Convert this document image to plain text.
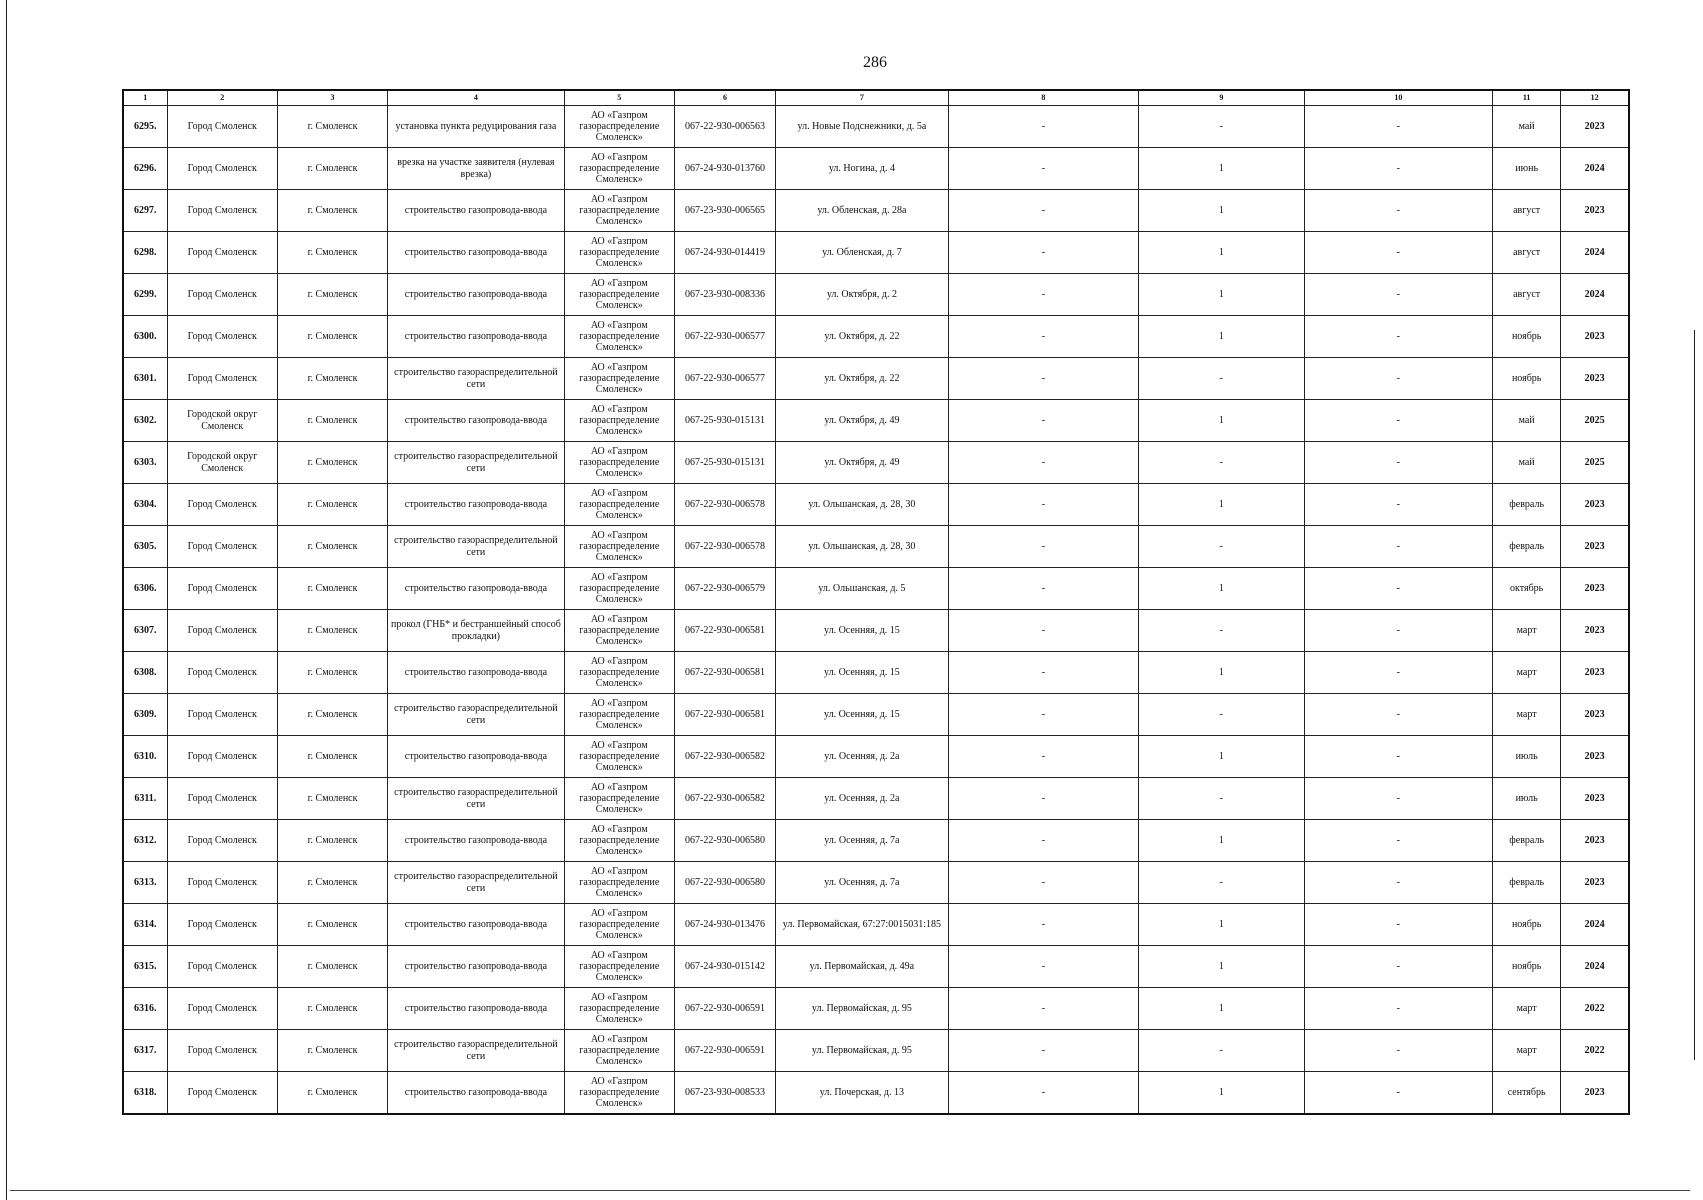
286
1	2	3	4	5	6	7	8	9	10	11	12
6295.	Город Смоленск	г. Смоленск	установка пункта редуцирования газа	АО «Газпром газораспределение Смоленск»	067-22-930-006563	ул. Новые Подснежники, д. 5а	-	-	-	май	2023
6296.	Город Смоленск	г. Смоленск	врезка на участке заявителя (нулевая врезка)	АО «Газпром газораспределение Смоленск»	067-24-930-013760	ул. Ногина, д. 4	-	1	-	июнь	2024
6297.	Город Смоленск	г. Смоленск	строительство газопровода-ввода	АО «Газпром газораспределение Смоленск»	067-23-930-006565	ул. Обленская, д. 28а	-	1	-	август	2023
6298.	Город Смоленск	г. Смоленск	строительство газопровода-ввода	АО «Газпром газораспределение Смоленск»	067-24-930-014419	ул. Обленская, д. 7	-	1	-	август	2024
6299.	Город Смоленск	г. Смоленск	строительство газопровода-ввода	АО «Газпром газораспределение Смоленск»	067-23-930-008336	ул. Октября, д. 2	-	1	-	август	2024
6300.	Город Смоленск	г. Смоленск	строительство газопровода-ввода	АО «Газпром газораспределение Смоленск»	067-22-930-006577	ул. Октября, д. 22	-	1	-	ноябрь	2023
6301.	Город Смоленск	г. Смоленск	строительство газораспределительной сети	АО «Газпром газораспределение Смоленск»	067-22-930-006577	ул. Октября, д. 22	-	-	-	ноябрь	2023
6302.	Городской округ Смоленск	г. Смоленск	строительство газопровода-ввода	АО «Газпром газораспределение Смоленск»	067-25-930-015131	ул. Октября, д. 49	-	1	-	май	2025
6303.	Городской округ Смоленск	г. Смоленск	строительство газораспределительной сети	АО «Газпром газораспределение Смоленск»	067-25-930-015131	ул. Октября, д. 49	-	-	-	май	2025
6304.	Город Смоленск	г. Смоленск	строительство газопровода-ввода	АО «Газпром газораспределение Смоленск»	067-22-930-006578	ул. Ольшанская, д. 28, 30	-	1	-	февраль	2023
6305.	Город Смоленск	г. Смоленск	строительство газораспределительной сети	АО «Газпром газораспределение Смоленск»	067-22-930-006578	ул. Ольшанская, д. 28, 30	-	-	-	февраль	2023
6306.	Город Смоленск	г. Смоленск	строительство газопровода-ввода	АО «Газпром газораспределение Смоленск»	067-22-930-006579	ул. Ольшанская, д. 5	-	1	-	октябрь	2023
6307.	Город Смоленск	г. Смоленск	прокол (ГНБ* и бестраншейный способ прокладки)	АО «Газпром газораспределение Смоленск»	067-22-930-006581	ул. Осенняя, д. 15	-	-	-	март	2023
6308.	Город Смоленск	г. Смоленск	строительство газопровода-ввода	АО «Газпром газораспределение Смоленск»	067-22-930-006581	ул. Осенняя, д. 15	-	1	-	март	2023
6309.	Город Смоленск	г. Смоленск	строительство газораспределительной сети	АО «Газпром газораспределение Смоленск»	067-22-930-006581	ул. Осенняя, д. 15	-	-	-	март	2023
6310.	Город Смоленск	г. Смоленск	строительство газопровода-ввода	АО «Газпром газораспределение Смоленск»	067-22-930-006582	ул. Осенняя, д. 2а	-	1	-	июль	2023
6311.	Город Смоленск	г. Смоленск	строительство газораспределительной сети	АО «Газпром газораспределение Смоленск»	067-22-930-006582	ул. Осенняя, д. 2а	-	-	-	июль	2023
6312.	Город Смоленск	г. Смоленск	строительство газопровода-ввода	АО «Газпром газораспределение Смоленск»	067-22-930-006580	ул. Осенняя, д. 7а	-	1	-	февраль	2023
6313.	Город Смоленск	г. Смоленск	строительство газораспределительной сети	АО «Газпром газораспределение Смоленск»	067-22-930-006580	ул. Осенняя, д. 7а	-	-	-	февраль	2023
6314.	Город Смоленск	г. Смоленск	строительство газопровода-ввода	АО «Газпром газораспределение Смоленск»	067-24-930-013476	ул. Первомайская, 67:27:0015031:185	-	1	-	ноябрь	2024
6315.	Город Смоленск	г. Смоленск	строительство газопровода-ввода	АО «Газпром газораспределение Смоленск»	067-24-930-015142	ул. Первомайская, д. 49а	-	1	-	ноябрь	2024
6316.	Город Смоленск	г. Смоленск	строительство газопровода-ввода	АО «Газпром газораспределение Смоленск»	067-22-930-006591	ул. Первомайская, д. 95	-	1	-	март	2022
6317.	Город Смоленск	г. Смоленск	строительство газораспределительной сети	АО «Газпром газораспределение Смоленск»	067-22-930-006591	ул. Первомайская, д. 95	-	-	-	март	2022
6318.	Город Смоленск	г. Смоленск	строительство газопровода-ввода	АО «Газпром газораспределение Смоленск»	067-23-930-008533	ул. Почерская, д. 13	-	1	-	сентябрь	2023
